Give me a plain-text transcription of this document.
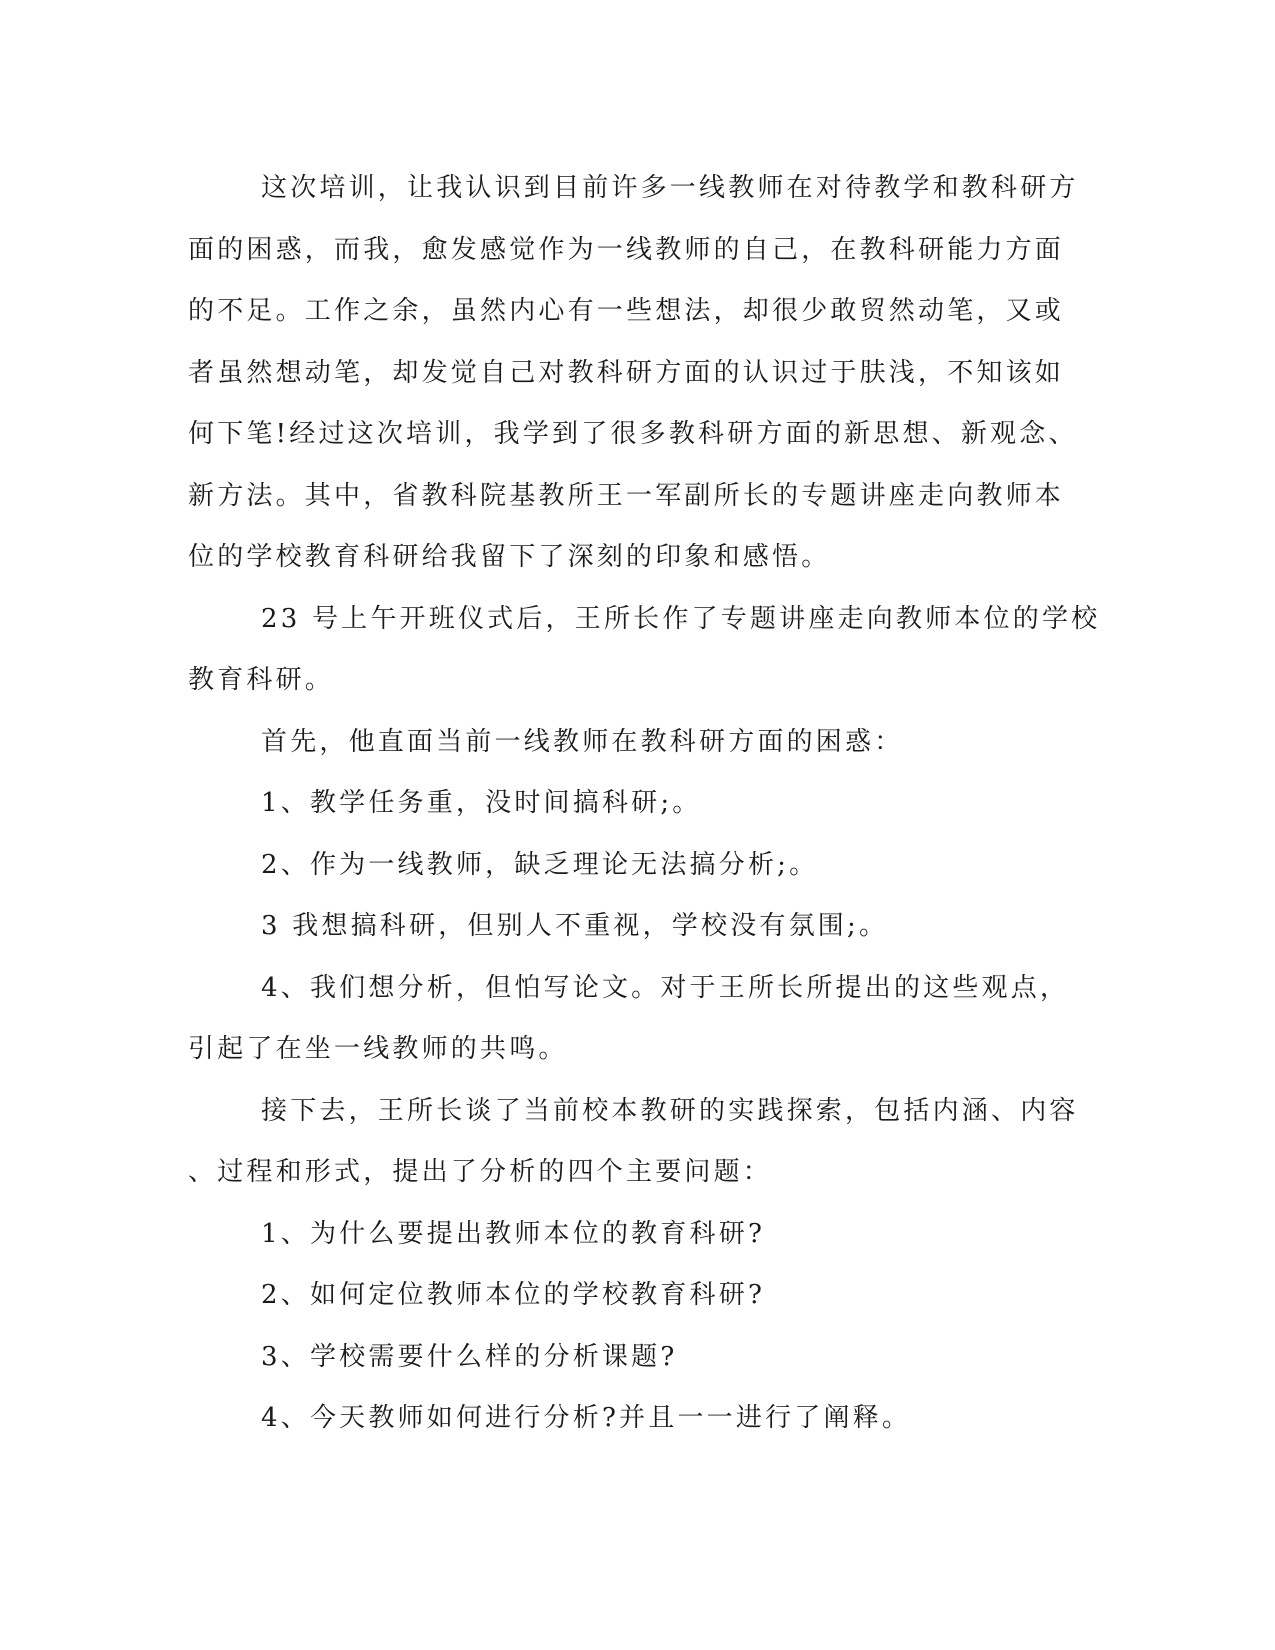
这次培训，让我认识到目前许多一线教师在对待教学和教科研方
面的困惑，而我，愈发感觉作为一线教师的自己，在教科研能力方面
的不足。工作之余，虽然内心有一些想法，却很少敢贸然动笔，又或
者虽然想动笔，却发觉自己对教科研方面的认识过于肤浅，不知该如
何下笔!经过这次培训，我学到了很多教科研方面的新思想、新观念、
新方法。其中，省教科院基教所王一军副所长的专题讲座走向教师本
位的学校教育科研给我留下了深刻的印象和感悟。
23 号上午开班仪式后，王所长作了专题讲座走向教师本位的学校
教育科研。
首先，他直面当前一线教师在教科研方面的困惑：
1、教学任务重，没时间搞科研;。
2、作为一线教师，缺乏理论无法搞分析;。
3 我想搞科研，但别人不重视，学校没有氛围;。
4、我们想分析，但怕写论文。对于王所长所提出的这些观点，
引起了在坐一线教师的共鸣。
接下去，王所长谈了当前校本教研的实践探索，包括内涵、内容
、过程和形式，提出了分析的四个主要问题：
1、为什么要提出教师本位的教育科研?
2、如何定位教师本位的学校教育科研?
3、学校需要什么样的分析课题?
4、今天教师如何进行分析?并且一一进行了阐释。
